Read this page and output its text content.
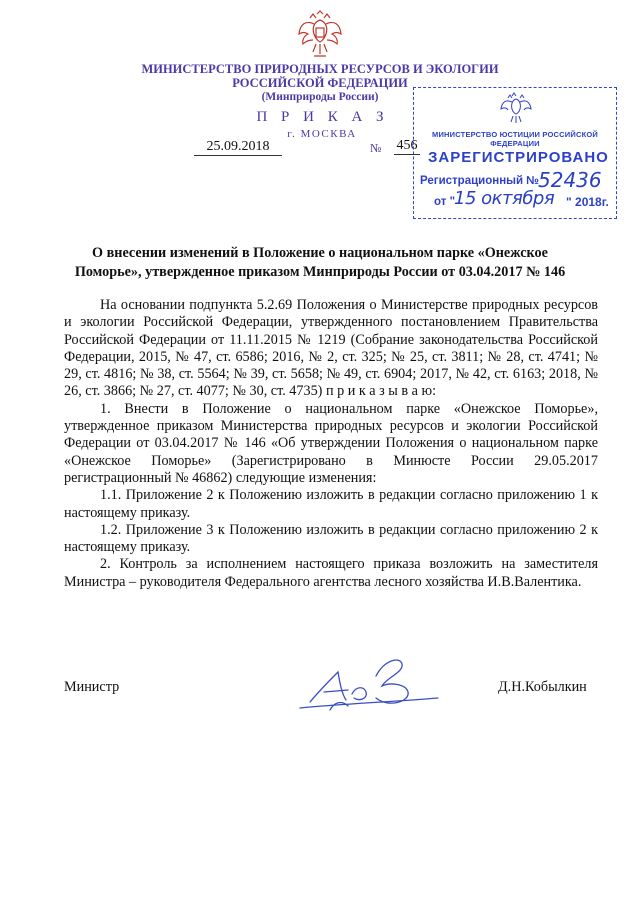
МИНИСТЕРСТВО ПРИРОДНЫХ РЕСУРСОВ И ЭКОЛОГИИ
РОССИЙСКОЙ ФЕДЕРАЦИИ
(Минприроды России)
П Р И К А З
г. МОСКВА
25.09.2018	№ 456
МИНИСТЕРСТВО ЮСТИЦИИ РОССИЙСКОЙ ФЕДЕРАЦИИ
ЗАРЕГИСТРИРОВАНО
Регистрационный №
52436
от "
15 октября " 2018г.
О внесении изменений в Положение о национальном парке «Онежское Поморье», утвержденное приказом Минприроды России от 03.04.2017 № 146

На основании подпункта 5.2.69 Положения о Министерстве природных ресурсов и экологии Российской Федерации, утвержденного постановлением Правительства Российской Федерации от 11.11.2015 № 1219 (Собрание законодательства Российской Федерации, 2015, № 47, ст. 6586; 2016, № 2, ст. 325; № 25, ст. 3811; № 28, ст. 4741; № 29, ст. 4816; № 38, ст. 5564; № 39, ст. 5658; № 49, ст. 6904; 2017, № 42, ст. 6163; 2018, № 26, ст. 3866; № 27, ст. 4077; № 30, ст. 4735) п р и к а з ы в а ю:

1. Внести в Положение о национальном парке «Онежское Поморье», утвержденное приказом Министерства природных ресурсов и экологии Российской Федерации от 03.04.2017 № 146 «Об утверждении Положения о национальном парке «Онежское Поморье» (Зарегистрировано в Минюсте России 29.05.2017 регистрационный № 46862) следующие изменения:

1.1. Приложение 2 к Положению изложить в редакции согласно приложению 1 к настоящему приказу.

1.2. Приложение 3 к Положению изложить в редакции согласно приложению 2 к настоящему приказу.

2. Контроль за исполнением настоящего приказа возложить на заместителя Министра – руководителя Федерального агентства лесного хозяйства И.В.Валентика.

Министр	Д.Н.Кобылкин
